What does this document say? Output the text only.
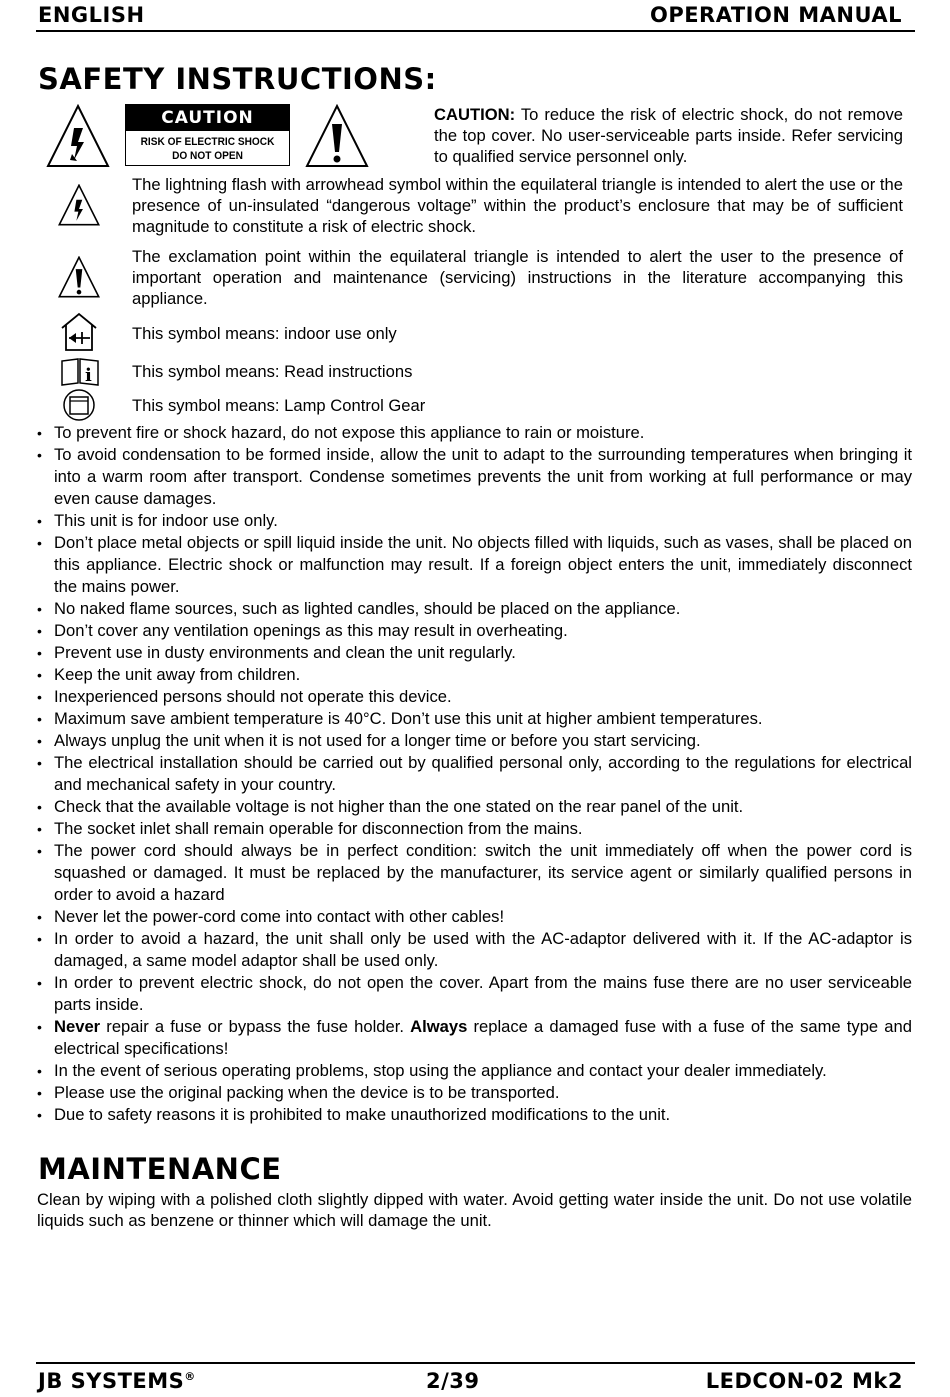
ENGLISH	OPERATION MANUAL
SAFETY INSTRUCTIONS:
CAUTION
RISK OF ELECTRIC SHOCK
DO NOT OPEN
CAUTION: To reduce the risk of electric shock, do not remove the top cover. No user-serviceable parts inside. Refer servicing to qualified service personnel only.
The lightning flash with arrowhead symbol within the equilateral triangle is intended to alert the use or the presence of un-insulated “dangerous voltage” within the product’s enclosure that may be of sufficient magnitude to constitute a risk of electric shock.
The exclamation point within the equilateral triangle is intended to alert the user to the presence of important operation and maintenance (servicing) instructions in the literature accompanying this appliance.
This symbol means: indoor use only
i This symbol means: Read instructions
This symbol means: Lamp Control Gear
• To prevent fire or shock hazard, do not expose this appliance to rain or moisture.
• To avoid condensation to be formed inside, allow the unit to adapt to the surrounding temperatures when bringing it into a warm room after transport. Condense sometimes prevents the unit from working at full performance or may even cause damages.
• This unit is for indoor use only.
• Don’t place metal objects or spill liquid inside the unit. No objects filled with liquids, such as vases, shall be placed on this appliance. Electric shock or malfunction may result. If a foreign object enters the unit, immediately disconnect the mains power.
• No naked flame sources, such as lighted candles, should be placed on the appliance.
• Don’t cover any ventilation openings as this may result in overheating.
• Prevent use in dusty environments and clean the unit regularly.
• Keep the unit away from children.
• Inexperienced persons should not operate this device.
• Maximum save ambient temperature is 40°C. Don’t use this unit at higher ambient temperatures.
• Always unplug the unit when it is not used for a longer time or before you start servicing.
• The electrical installation should be carried out by qualified personal only, according to the regulations for electrical and mechanical safety in your country.
• Check that the available voltage is not higher than the one stated on the rear panel of the unit.
• The socket inlet shall remain operable for disconnection from the mains.
• The power cord should always be in perfect condition: switch the unit immediately off when the power cord is squashed or damaged. It must be replaced by the manufacturer, its service agent or similarly qualified persons in order to avoid a hazard
• Never let the power-cord come into contact with other cables!
• In order to avoid a hazard, the unit shall only be used with the AC-adaptor delivered with it. If the AC-adaptor is damaged, a same model adaptor shall be used only.
• In order to prevent electric shock, do not open the cover. Apart from the mains fuse there are no user serviceable parts inside.
• Never repair a fuse or bypass the fuse holder. Always replace a damaged fuse with a fuse of the same type and electrical specifications!
• In the event of serious operating problems, stop using the appliance and contact your dealer immediately.
• Please use the original packing when the device is to be transported.
• Due to safety reasons it is prohibited to make unauthorized modifications to the unit.
MAINTENANCE
Clean by wiping with a polished cloth slightly dipped with water. Avoid getting water inside the unit. Do not use volatile liquids such as benzene or thinner which will damage the unit.
JB SYSTEMS®	2/39	LEDCON-02 Mk2
